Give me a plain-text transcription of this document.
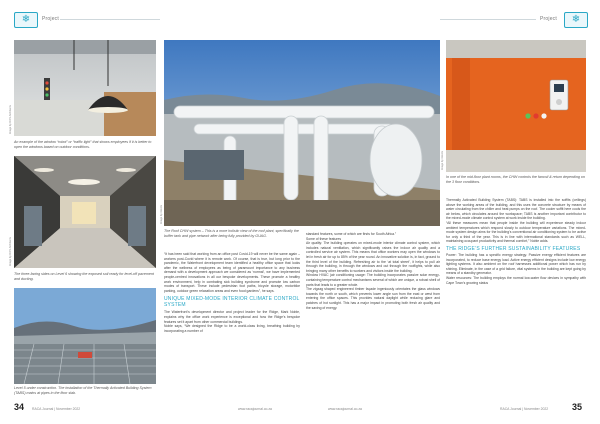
❄ Project
Image by ROS Architects
An example of the window “robot” or “traffic light” that shows employees if it is better to open the windows based on outdoor conditions.
Image by ROS Architects
The three-facing sides on Level 6 showing the exposed soil ready for level-off pavement and ducting.
Level 5 under construction. The installation of the Thermally Activated Building System (TABS) mains at pipes in the floor slab.
34 RACA Journal | November 2022	www.racajournal.co.za
Image by GUAG
The Roof CHW system – This is a more holistic view of the roof plant, specifically the buffer tank and pipe network after being fully provided by GUAG.
“It has been said that working from an office post Covid-19 will never be the same again – workers post-Covid where it is remote work. Of course, that is true, but long prior to the pandemic, the Waterfront development team identified a healthy office space that looks after the wellness of employees as being of paramount importance to any business demand with a development approach we considered as ‘normal’, we have implemented people-centred innovations in all our bespoke developments. These promote a healthy work environment, help in combating sick building syndrome and promote low carbon modes of transport. These include pedestrian foot paths, bicycle storage, motorbike parking, outdoor green relaxation areas and even food gardens”, he says.
UNIQUE MIXED-MODE INTERIOR CLIMATE CONTROL SYSTEM
The Waterfront’s development director and project leader for the Ridge, Mark Noble, explains why the office work experience is exceptional and how the Ridge’s bespoke features set it apart from other commercial buildings.
Noble says, “We designed the Ridge to be a world-class living, breathing building by incorporating a number of
standard features, some of which are firsts for South Africa.”
Some of these features
Air quality: The building operates on mixed-mode interior climate control system, which includes natural ventilation, which significantly raises the indoor air quality and a controlled service air system. This means that office workers may open the windows to let in fresh air for up to 85% of the year round. An innovative solution is, in fact, ground to the third level of the building. Refreshing air to the ‘at total street’, it helps to pull air through the building, in through the windows and out through the rooflights, while also bringing many other benefits to workers and visitors inside the building.
Window HVAC (air conditioning usage: The building incorporates passive solar energy-containing temperature control mechanisms several of which are unique, a robust shell of parts that leads to a greater whole.
The zigzag shaped engineered timber façade ingeniously orientates the glass windows towards the north or south, which prevents lower angle sun from the east or west from entering the office spaces. This provides natural daylight while reducing glare and patches of hot sunlight. This has a major impact in promoting both fresh air quality and the saving of energy.
www.racajournal.co.za
Project ❄
Image by GUAG
In one of the mid-floor plant rooms, the CHW controls the fancoil & return depending on the 3 floor conditions.
Thermally Activated Building System (TABS): TABS is installed into the soffits (ceilings) above the working areas of the building, and this uses the concrete structure by means of water circulating from the chiller and heat pumps on the roof. The cooler soffit here cools the air below, which circulates around the workspace; TABS is another important contributor to the mixed-mode climate control system at work inside the building.
“All these measures mean that people inside the building will experience steady indoor ambient temperatures which respond slowly to outdoor temperature variations. The mixed-mode system design aims for the building’s conventional air conditioning system to be active for only a third of the year. This is in line with international standards such as WELL, maintaining occupant productivity and thermal comfort,” Noble adds.
THE RIDGE’S FURTHER SUSTAINABILITY FEATURES
Power: The building has a specific energy strategy. Passive energy efficient features are incorporated, to reduce base energy load. Active energy efficient designs include low energy lighting systems. It also ambient on the roof harnesses additional power which has run by shining. Eliminate, in the case of a grid failure, vital systems in the building are kept going by means of a standby generator.
Water resources: The building employs the normal low-water flow devices in sympathy with Cape Town’s growing status
RACA Journal | November 2022	35
